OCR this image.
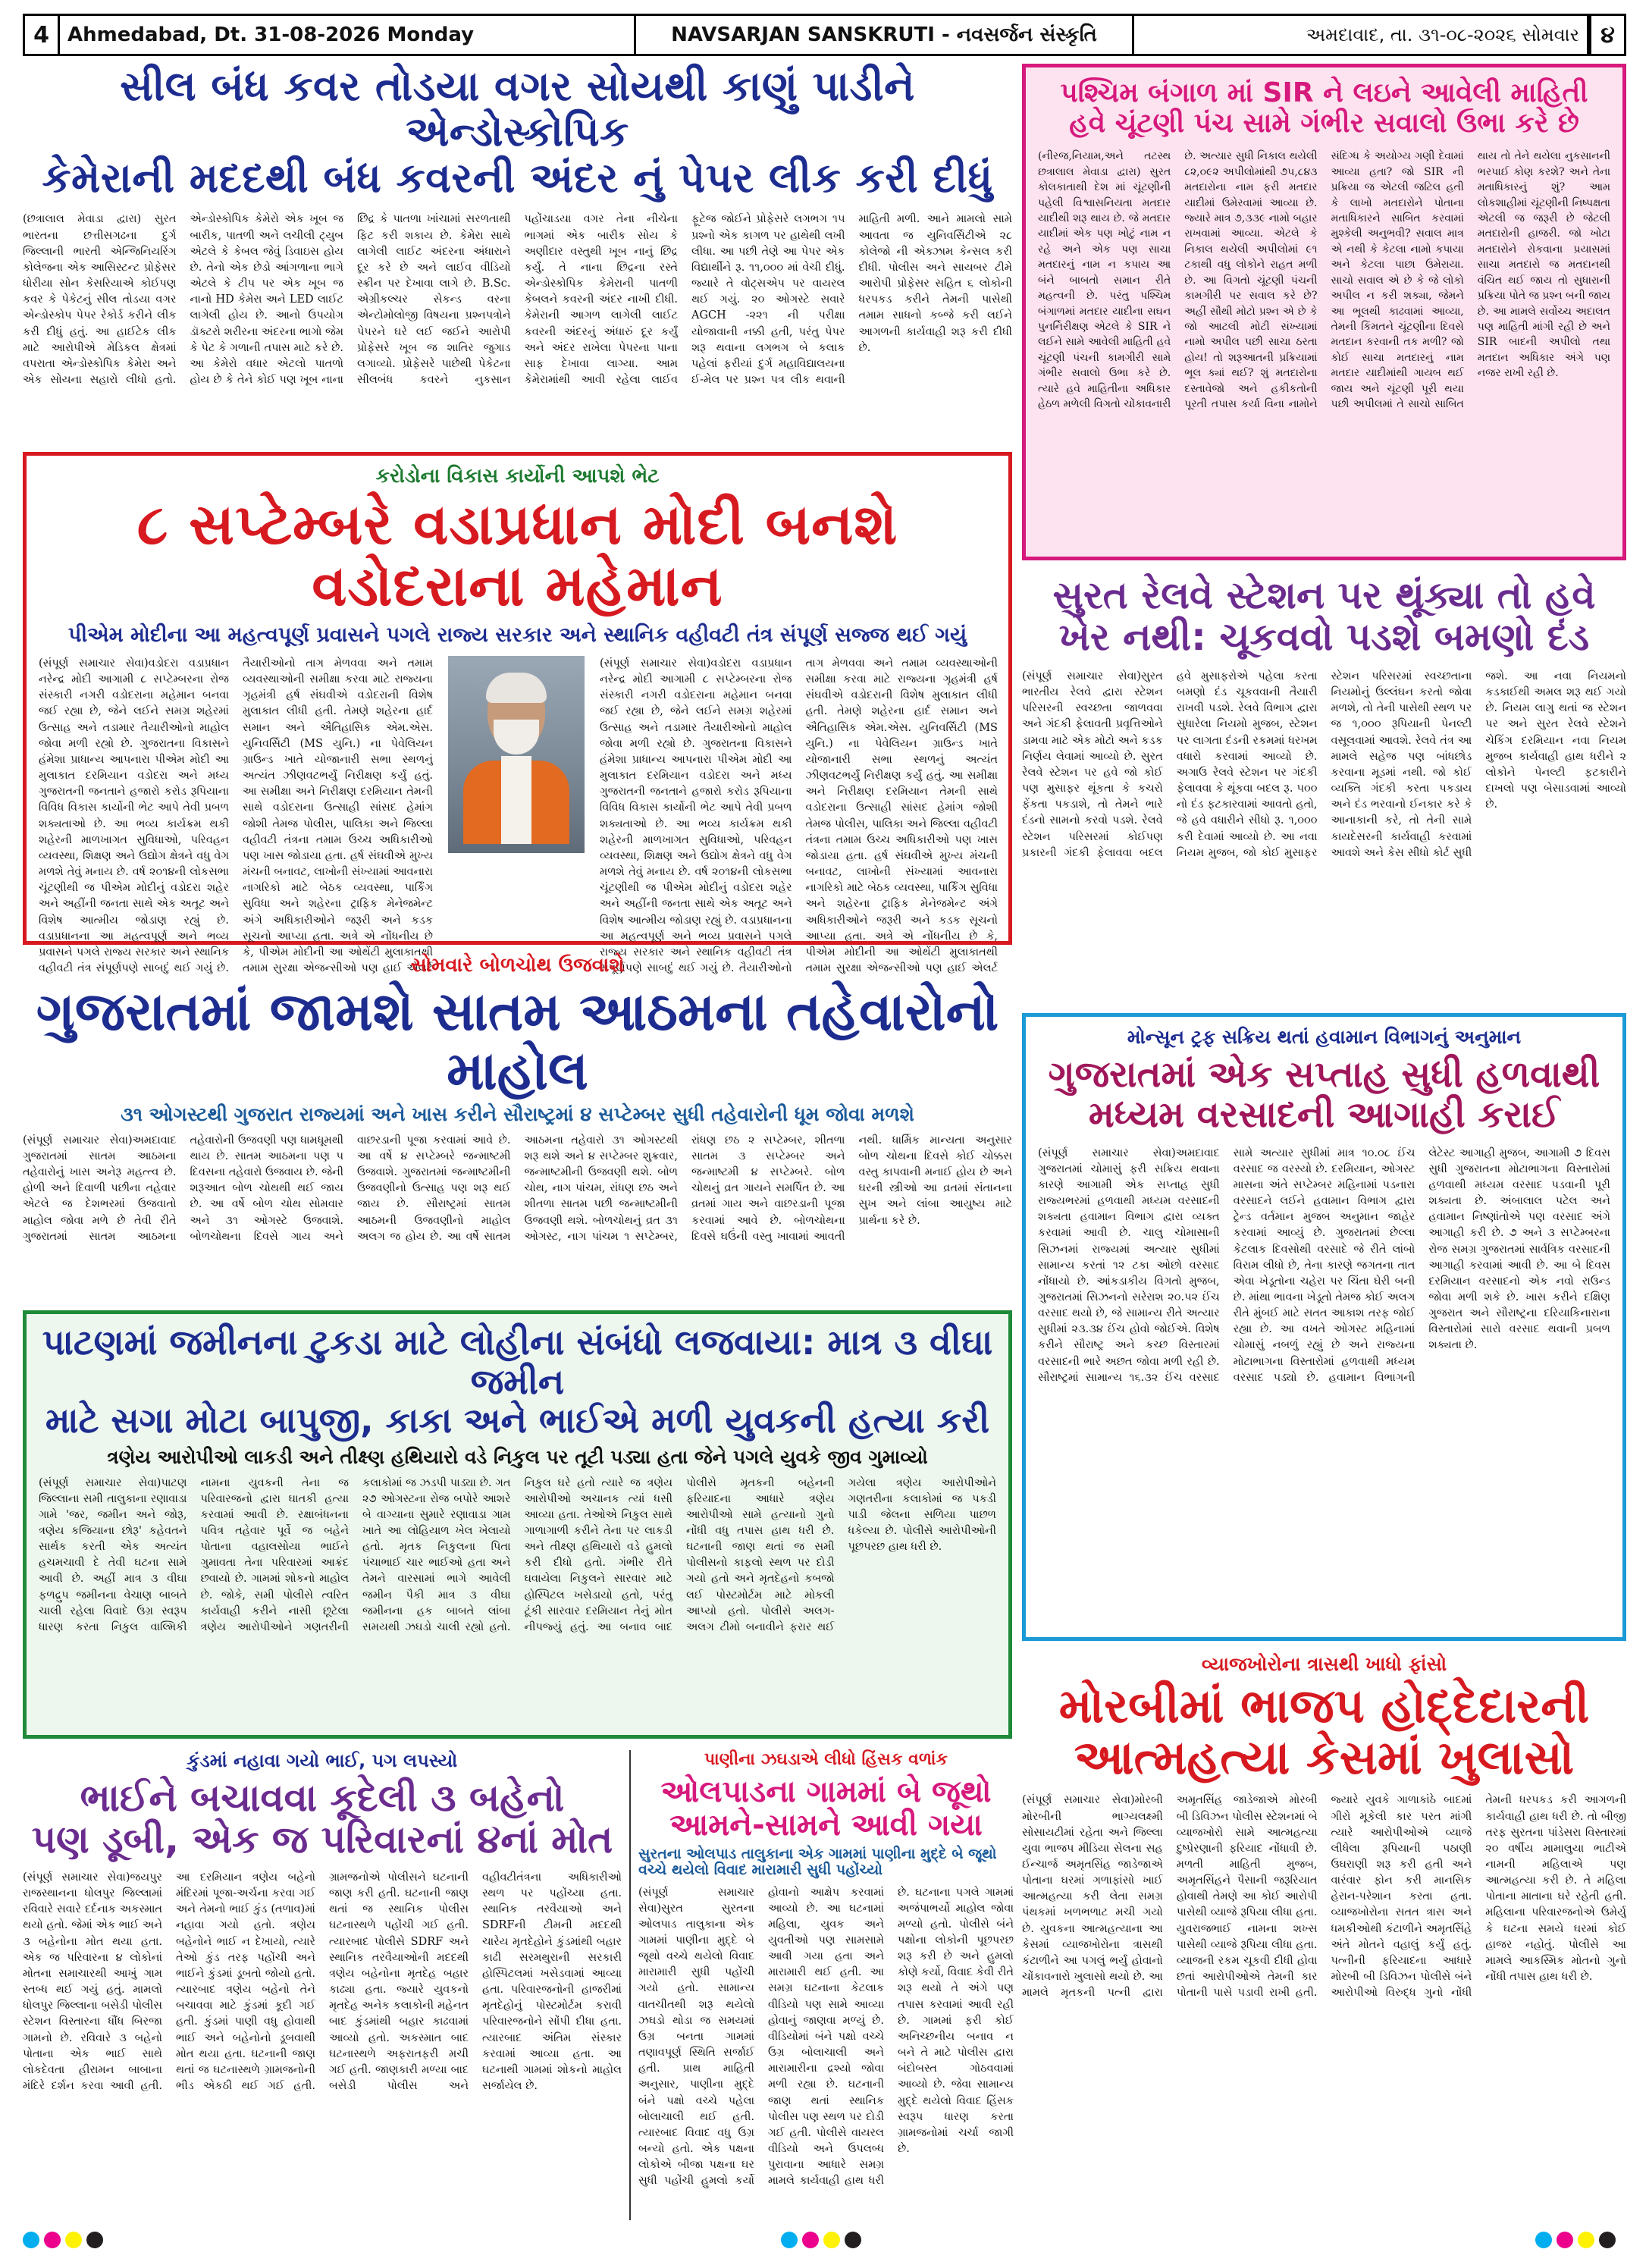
4 Ahmedabad, Dt. 31-08-2026 Monday	NAVSARJAN SANSKRUTI - નવસર્જન સંસ્કૃતિ	અમદાવાદ, તા. ૩૧-૦૮-૨૦૨૬ સોમવાર ૪
સીલ બંધ કવર તોડયા વગર સોયથી કાણું પાડીને એન્ડોસ્કોપિક
કેમેરાની મદદથી બંધ કવરની અંદર નું પેપર લીક કરી દીધું
(છત્રાલાલ મેવાડા દ્વારા) સુરત ભારતના છત્તીસગઢના દુર્ગ જિલ્લાની ભારતી એન્જિનિયરિંગ કોલેજના એક આસિસ્ટન્ટ પ્રોફેસર ધોરીયા સોન કેસરિયાએ કોઈપણ કવર કે પેકેટનું સીલ તોડયા વગર એન્ડોસ્કોપ પેપર રેકોર્ડ કરીને લીક કરી દીધું હતું. આ હાઈટેક લીક માટે આરોપીએ મેડિકલ ક્ષેત્રમાં વપરાતા એન્ડોસ્કોપિક કેમેરા અને એક સોયના સહારો લીધો હતો. એન્ડોસ્કોપિક કેમેરો એક ખૂબ જ બારીક, પાતળી અને લચીલી ટ્યુબ એટલે કે કેબલ જેવું ડિવાઇસ હોય છે. તેનો એક છેડો આંગળાના ભાગે એટલે કે ટીપ પર એક ખૂબ જ નાનો HD કેમેરા અને LED લાઈટ લાગેલી હોય છે. આનો ઉપયોગ ડૉક્ટરો શરીરના અંદરના ભાગો જેમ કે પેટ કે ગળાની તપાસ માટે કરે છે. આ કેમેરો વધાર એટલો પાતળો હોય છે કે તેને કોઈ પણ ખૂબ નાના છિદ્ર કે પાતળા ખાંચામાં સરળતાથી ફિટ કરી શકાય છે. કેમેરા સાથે લાગેલી લાઈટ અંદરના અંધારાને દૂર કરે છે અને લાઈવ વીડિયો સ્ક્રીન પર દેખાવા લાગે છે. B.Sc. એગ્રીકલ્ચર સેકન્ડ વરના એન્ટોમોલોજી વિષયના પ્રશ્નપત્રોને પેપરને ઘરે લઈ જઈને આરોપી પ્રોફેસરે ખૂબ જ શાતિર જુગાડ લગાવ્યો. પ્રોફેસરે પાછેથી પેકેટના સીલબંધ કવરને નુકસાન પહોંચાડયા વગર તેના નીચેના ભાગમાં એક બારીક સોય કે અણીદાર વસ્તુથી ખૂબ નાનું છિદ્ર કર્યું. તે નાના છિદ્રના રસ્તે એન્ડોસ્કોપિક કેમેરાની પાતળી કેબલને કવરની અંદર નાખી દીધી. કેમેરાની આગળ લાગેલી લાઈટ કવરની અંદરનું અંધારું દૂર કર્યું અને અંદર રાખેલા પેપરના પાના સાફ દેખાવા લાગ્યા. આમ કેમેરામાંથી આવી રહેલા લાઈવ ફૂટેજ જોઈને પ્રોફેસરે લગભગ ૧૫ પ્રશ્નો એક કાગળ પર હાથેથી લખી લીધા. આ પછી તેણે આ પેપર એક વિદ્યાર્થીને રૂ. ૧૧,૦૦૦ માં વેચી દીધું. જ્યારે તે વોટ્સએપ પર વાયરલ થઈ ગયું. ૨૦ ઓગસ્ટે સવારે AGCH -૨૨૧ ની પરીક્ષા યોજાવાની નક્કી હતી, પરંતુ પેપર શરૂ થવાના લગભગ બે કલાક પહેલાં ફરીયાં દુર્ગ મહાવિદ્યાલયના ઈ-મેલ પર પ્રશ્ન પત્ર લીક થવાની માહિતી મળી. આને મામલો સામે આવતા જ યુનિવર્સિટીએ ૨૮ કોલેજો ની એક્ઝામ કેન્સલ કરી દીધી. પોલીસ અને સાયબર ટીમે આરોપી પ્રોફેસર સહિત ૬ લોકોની ધરપકડ કરીને તેમની પાસેથી તમામ સાધનો કબ્જે કરી લઈને આગળની કાર્યવાહી શરૂ કરી દીધી છે.
પશ્ચિમ બંગાળ માં SIR ને લઇને આવેલી માહિતી
હવે ચૂંટણી પંચ સામે ગંભીર સવાલો ઉભા કરે છે
(નીરજ,નિયામ,અને તટસ્થ છત્રાલાલ મેવાડા દ્વારા) સુરત કોલકાતાથી દેશ માં ચૂંટણીની પહેલી વિશ્વાસનિયતા મતદાર યાદીથી શરૂ થાય છે. જે મતદાર યાદીમાં એક પણ ખોટું નામ ન રહે અને એક પણ સાચા મતદારનું નામ ન કપાય આ બંને બાબતો સમાન રીતે મહત્વની છે. પરંતુ પશ્ચિમ બંગાળમાં મતદાર યાદીના સઘન પુનર્નિરીક્ષણ એટલે કે SIR ને લઈને સામે આવેલી માહિતી હવે ચૂંટણી પંચની કામગીરી સામે ગંભીર સવાલો ઉભા કરે છે. ત્યારે હવે માહિતીના અધિકાર હેઠળ મળેલી વિગતો ચોંકાવનારી છે. અત્યાર સુધી નિકાલ થયેલી ૮૨,૦૯૨ અપીલોમાંથી ૭૫,૮૪૩ મતદારોના નામ ફરી મતદાર યાદીમાં ઉમેરવામાં આવ્યા છે. જ્યારે માત્ર ૭,૩૩૯ નામો બહાર રાખવામાં આવ્યા. એટલે કે નિકાલ થયેલી અપીલોમાં ૯૧ ટકાથી વધુ લોકોને રાહત મળી છે. આ વિગતો ચૂંટણી પંચની કામગીરી પર સવાલ કરે છે? અહીં સૌથી મોટો પ્રશ્ન એ છે કે જો આટલી મોટી સંખ્યામાં નામો અપીલ પછી સાચા ઠરતા હોય! તો શરૂઆતની પ્રક્રિયામાં ભૂલ ક્યાં થઈ? શું મતદારોના દસ્તાવેજો અને હકીકતોની પૂરતી તપાસ કર્યા વિના નામોને સંદિગ્ધ કે અયોગ્ય ગણી દેવામાં આવ્યા હતા? જો SIR ની પ્રક્રિયા જ એટલી જટિલ હતી કે લાખો મતદારોને પોતાના મતાધિકારને સાબિત કરવામાં મુશ્કેલી અનુભવી? સવાલ માત્ર એ નથી કે કેટલા નામો કપાયા અને કેટલા પાછા ઉમેરાયા. સાચો સવાલ એ છે કે જે લોકો અપીલ ન કરી શક્યા, જેમને આ ભૂલથી કાઢવામાં આવ્યા, તેમની કિંમતને ચૂંટણીના દિવસે મતદાન કરવાની તક મળી? જો કોઈ સાચા મતદારનું નામ મતદાર યાદીમાંથી ગાયબ થઈ જાય અને ચૂંટણી પૂરી થયા પછી અપીલમાં તે સાચો સાબિત થાય તો તેને થયેલા નુકસાનની ભરપાઈ કોણ કરશે? અને તેના મતાધિકારનું શું? આમ લોકશાહીમાં ચૂંટણીની નિષ્પક્ષતા એટલી જ જરૂરી છે જેટલી મતદારોની હાજરી. જો ખોટા મતદારોને રોકવાના પ્રયાસમાં સાચા મતદારો જ મતદાનથી વંચિત થઈ જાય તો સુધારાની પ્રક્રિયા પોતે જ પ્રશ્ન બની જાય છે. આ મામલે સર્વોચ્ચ અદાલત પણ માહિતી માંગી રહી છે અને SIR બાદની અપીલો તથા મતદાન અધિકાર અંગે પણ નજર રાખી રહી છે.
કરોડોના વિકાસ કાર્યોની આપશે ભેટ
૮ સપ્ટેમ્બરે વડાપ્રધાન મોદી બનશે વડોદરાના મહેમાન
પીએમ મોદીના આ મહત્વપૂર્ણ પ્રવાસને પગલે રાજ્ય સરકાર અને સ્થાનિક વહીવટી તંત્ર સંપૂર્ણ સજ્જ થઈ ગયું
(સંપૂર્ણ સમાચાર સેવા)વડોદરા વડાપ્રધાન નરેન્દ્ર મોદી આગામી ૮ સપ્ટેમ્બરના રોજ સંસ્કારી નગરી વડોદરાના મહેમાન બનવા જઈ રહ્યા છે, જેને લઈને સમગ્ર શહેરમાં ઉત્સાહ અને તડામાર તૈયારીઓનો માહોલ જોવા મળી રહ્યો છે. ગુજરાતના વિકાસને હંમેશા પ્રાધાન્ય આપનારા પીએમ મોદી આ મુલાકાત દરમિયાન વડોદરા અને મધ્ય ગુજરાતની જનતાને હજારો કરોડ રૂપિયાના વિવિધ વિકાસ કાર્યોની ભેટ આપે તેવી પ્રબળ શક્યતાઓ છે. આ ભવ્ય કાર્યક્રમ થકી શહેરની માળખાગત સુવિધાઓ, પરિવહન વ્યવસ્થા, શિક્ષણ અને ઉદ્યોગ ક્ષેત્રને વધુ વેગ મળશે તેવું મનાય છે. વર્ષ ૨૦૧૪ની લોકસભા ચૂંટણીથી જ પીએમ મોદીનું વડોદરા શહેર અને અહીંની જનતા સાથે એક અતૂટ અને વિશેષ આત્મીય જોડાણ રહ્યું છે. વડાપ્રધાનના આ મહત્વપૂર્ણ અને ભવ્ય પ્રવાસને પગલે રાજ્ય સરકાર અને સ્થાનિક વહીવટી તંત્ર સંપૂર્ણપણે સાબદું થઈ ગયું છે. તૈયારીઓનો તાગ મેળવવા અને તમામ વ્યવસ્થાઓની સમીક્ષા કરવા માટે રાજ્યના ગૃહમંત્રી હર્ષ સંઘવીએ વડોદરાની વિશેષ મુલાકાત લીધી હતી. તેમણે શહેરના હાર્દ સમાન અને ઐતિહાસિક એમ.એસ. યુનિવર્સિટી (MS યુનિ.) ના પેવેલિયન ગ્રાઉન્ડ ખાતે યોજાનારી સભા સ્થળનું અત્યંત ઝીણવટભર્યું નિરીક્ષણ કર્યું હતું. આ સમીક્ષા અને નિરીક્ષણ દરમિયાન તેમની સાથે વડોદરાના ઉત્સાહી સાંસદ હેમાંગ જોશી તેમજ પોલીસ, પાલિકા અને જિલ્લા વહીવટી તંત્રના તમામ ઉચ્ચ અધિકારીઓ પણ ખાસ જોડાયા હતા. હર્ષ સંઘવીએ મુખ્ય મંચની બનાવટ, લાખોની સંખ્યામાં આવનારા નાગરિકો માટે બેઠક વ્યવસ્થા, પાર્કિંગ સુવિધા અને શહેરના ટ્રાફિક મેનેજમેન્ટ અંગે અધિકારીઓને જરૂરી અને કડક સૂચનો આપ્યા હતા. અત્રે એ નોંધનીય છે કે, પીએમ મોદીની આ ઓથેંટી મુલાકાતથી તમામ સુરક્ષા એજન્સીઓ પણ હાઈ એલર્ટ
(સંપૂર્ણ સમાચાર સેવા)વડોદરા વડાપ્રધાન નરેન્દ્ર મોદી આગામી ૮ સપ્ટેમ્બરના રોજ સંસ્કારી નગરી વડોદરાના મહેમાન બનવા જઈ રહ્યા છે, જેને લઈને સમગ્ર શહેરમાં ઉત્સાહ અને તડામાર તૈયારીઓનો માહોલ જોવા મળી રહ્યો છે. ગુજરાતના વિકાસને હંમેશા પ્રાધાન્ય આપનારા પીએમ મોદી આ મુલાકાત દરમિયાન વડોદરા અને મધ્ય ગુજરાતની જનતાને હજારો કરોડ રૂપિયાના વિવિધ વિકાસ કાર્યોની ભેટ આપે તેવી પ્રબળ શક્યતાઓ છે. આ ભવ્ય કાર્યક્રમ થકી શહેરની માળખાગત સુવિધાઓ, પરિવહન વ્યવસ્થા, શિક્ષણ અને ઉદ્યોગ ક્ષેત્રને વધુ વેગ મળશે તેવું મનાય છે. વર્ષ ૨૦૧૪ની લોકસભા ચૂંટણીથી જ પીએમ મોદીનું વડોદરા શહેર અને અહીંની જનતા સાથે એક અતૂટ અને વિશેષ આત્મીય જોડાણ રહ્યું છે. વડાપ્રધાનના આ મહત્વપૂર્ણ અને ભવ્ય પ્રવાસને પગલે રાજ્ય સરકાર અને સ્થાનિક વહીવટી તંત્ર સંપૂર્ણપણે સાબદું થઈ ગયું છે. તૈયારીઓનો તાગ મેળવવા અને તમામ વ્યવસ્થાઓની સમીક્ષા કરવા માટે રાજ્યના ગૃહમંત્રી હર્ષ સંઘવીએ વડોદરાની વિશેષ મુલાકાત લીધી હતી. તેમણે શહેરના હાર્દ સમાન અને ઐતિહાસિક એમ.એસ. યુનિવર્સિટી (MS યુનિ.) ના પેવેલિયન ગ્રાઉન્ડ ખાતે યોજાનારી સભા સ્થળનું અત્યંત ઝીણવટભર્યું નિરીક્ષણ કર્યું હતું. આ સમીક્ષા અને નિરીક્ષણ દરમિયાન તેમની સાથે વડોદરાના ઉત્સાહી સાંસદ હેમાંગ જોશી તેમજ પોલીસ, પાલિકા અને જિલ્લા વહીવટી તંત્રના તમામ ઉચ્ચ અધિકારીઓ પણ ખાસ જોડાયા હતા. હર્ષ સંઘવીએ મુખ્ય મંચની બનાવટ, લાખોની સંખ્યામાં આવનારા નાગરિકો માટે બેઠક વ્યવસ્થા, પાર્કિંગ સુવિધા અને શહેરના ટ્રાફિક મેનેજમેન્ટ અંગે અધિકારીઓને જરૂરી અને કડક સૂચનો આપ્યા હતા. અત્રે એ નોંધનીય છે કે, પીએમ મોદીની આ ઓથેંટી મુલાકાતથી તમામ સુરક્ષા એજન્સીઓ પણ હાઈ એલર્ટ
સુરત રેલવે સ્ટેશન પર થૂંક્યા તો હવે
ખેર નથી: ચૂકવવો પડશે બમણો દંડ
(સંપૂર્ણ સમાચાર સેવા)સુરત ભારતીય રેલવે દ્વારા સ્ટેશન પરિસરની સ્વચ્છતા જાળવવા અને ગંદકી ફેલાવતી પ્રવૃત્તિઓને ડામવા માટે એક મોટો અને કડક નિર્ણય લેવામાં આવ્યો છે. સુરત રેલવે સ્ટેશન પર હવે જો કોઈ પણ મુસાફર થૂંકતા કે કચરો ફેંકતા પકડાશે, તો તેમને ભારે દંડનો સામનો કરવો પડશે. રેલવે સ્ટેશન પરિસરમાં કોઈપણ પ્રકારની ગંદકી ફેલાવવા બદલ હવે મુસાફરોએ પહેલા કરતા બમણો દંડ ચૂકવવાની તૈયારી રાખવી પડશે. રેલવે વિભાગ દ્વારા સુધારેલા નિયમો મુજબ, સ્ટેશન પર લાગતા દંડની રકમમાં ધરખમ વધારો કરવામાં આવ્યો છે. અગાઉ રેલવે સ્ટેશન પર ગંદકી ફેલાવવા કે થૂંકવા બદલ રૂ. ૫૦૦ નો દંડ ફટકારવામાં આવતો હતો, જે હવે વધારીને સીધો રૂ. ૧,૦૦૦ કરી દેવામાં આવ્યો છે. આ નવા નિયમ મુજબ, જો કોઈ મુસાફર સ્ટેશન પરિસરમાં સ્વચ્છતાના નિયમોનું ઉલ્લંઘન કરતો જોવા મળશે, તો તેની પાસેથી સ્થળ પર જ ૧,૦૦૦ રૂપિયાની પેનલ્ટી વસૂલવામાં આવશે. રેલવે તંત્ર આ મામલે સહેજ પણ બાંધછોડ કરવાના મૂડમાં નથી. જો કોઈ વ્યક્તિ ગંદકી કરતા પકડાય અને દંડ ભરવાનો ઈનકાર કરે કે આનાકાની કરે, તો તેની સામે કાયદેસરની કાર્યવાહી કરવામાં આવશે અને કેસ સીધો કોર્ટ સુધી જશે. આ નવા નિયમનો કડકાઈથી અમલ શરૂ થઈ ગયો છે. નિયમ લાગુ થતાં જ સ્ટેશન પર અને સુરત રેલવે સ્ટેશને ચેકિંગ દરમિયાન નવા નિયમ મુજબ કાર્યવાહી હાથ ધરીને ૨ લોકોને પેનલ્ટી ફટકારીને દાખલો પણ બેસાડવામાં આવ્યો છે.
સોમવારે બોળચોથ ઉજવાશે
ગુજરાતમાં જામશે સાતમ આઠમના તહેવારોનો માહોલ
૩૧ ઓગસ્ટથી ગુજરાત રાજ્યમાં અને ખાસ કરીને સૌરાષ્ટ્રમાં ૪ સપ્ટેમ્બર સુધી તહેવારોની ધૂમ જોવા મળશે
(સંપૂર્ણ સમાચાર સેવા)અમદાવાદ ગુજરાતમાં સાતમ આઠમના તહેવારોનું ખાસ અનેરૂ મહત્ત્વ છે. હોળી અને દિવાળી પછીના તહેવાર એટલે જ દેશભરમાં ઉજવાતો માહોલ જોવા મળે છે તેવી રીતે ગુજરાતમાં સાતમ આઠમના તહેવારોની ઉજવણી પણ ધામધૂમથી થાય છે. સાતમ આઠમના પણ ૫ દિવસના તહેવારો ઉજવાય છે. જેની શરૂઆત બોળ ચોથથી થઈ જાય છે. આ વર્ષે બોળ ચોથ સોમવાર અને ૩૧ ઓગસ્ટે ઉજવાશે. બોળચોથના દિવસે ગાય અને વાછરડાની પૂજા કરવામાં આવે છે. આ વર્ષે ૪ સપ્ટેમ્બરે જન્માષ્ટમી ઉજવાશે. ગુજરાતમાં જન્માષ્ટમીની ઉજવણીનો ઉત્સાહ પણ શરૂ થઈ જાય છે. સૌરાષ્ટ્રમાં સાતમ આઠમની ઉજવણીનો માહોલ અલગ જ હોય છે. આ વર્ષે સાતમ આઠમના તહેવારો ૩૧ ઓગસ્ટથી શરૂ થશે અને ૪ સપ્ટેમ્બર શુક્રવાર, જન્માષ્ટમીની ઉજવણી થશે. બોળ ચોથ, નાગ પાંચમ, રાંધણ છઠ અને શીતળા સાતમ પછી જન્માષ્ટમીની ઉજવણી થશે. બોળચોથનું વ્રત ૩૧ ઓગસ્ટ, નાગ પાંચમ ૧ સપ્ટેમ્બર, રાંધણ છઠ ૨ સપ્ટેમ્બર, શીતળા સાતમ ૩ સપ્ટેમ્બર અને જન્માષ્ટમી ૪ સપ્ટેમ્બરે. બોળ ચોથનું વ્રત ગાયને સમર્પિત છે. આ વ્રતમાં ગાય અને વાછરડાની પૂજા કરવામાં આવે છે. બોળચોથના દિવસે ઘઉંની વસ્તુ ખાવામાં આવતી નથી. ધાર્મિક માન્યતા અનુસાર બોળ ચોથના દિવસે કોઈ ચોક્કસ વસ્તુ કાપવાની મનાઈ હોય છે અને ઘરની સ્ત્રીઓ આ વ્રતમાં સંતાનના સુખ અને લાંબા આયુષ્ય માટે પ્રાર્થના કરે છે.
મોન્સૂન ટ્રફ સક્રિય થતાં હવામાન વિભાગનું અનુમાન
ગુજરાતમાં એક સપ્તાહ સુધી હળવાથી
મધ્યમ વરસાદની આગાહી કરાઈ
(સંપૂર્ણ સમાચાર સેવા)અમદાવાદ ગુજરાતમાં ચોમાસું ફરી સક્રિય થવાના કારણે આગામી એક સપ્તાહ સુધી રાજ્યભરમાં હળવાથી મધ્યમ વરસાદની શક્યતા હવામાન વિભાગ દ્વારા વ્યક્ત કરવામાં આવી છે. ચાલુ ચોમાસાની સિઝનમાં રાજ્યમાં અત્યાર સુધીમાં સામાન્ય કરતાં ૧૨ ટકા ઓછો વરસાદ નોંધાયો છે. આંકડાકીય વિગતો મુજબ, ગુજરાતમાં સિઝનનો સરેરાશ ૨૦.૫૨ ઈંચ વરસાદ થયો છે, જે સામાન્ય રીતે અત્યાર સુધીમાં ૨૩.૩૪ ઈંચ હોવો જોઈએ. વિશેષ કરીને સૌરાષ્ટ્ર અને કચ્છ વિસ્તારમાં વરસાદની ભારે અછત જોવા મળી રહી છે. સૌરાષ્ટ્રમાં સામાન્ય ૧૬.૩૨ ઈંચ વરસાદ સામે અત્યાર સુધીમાં માત્ર ૧૦.૦૮ ઈંચ વરસાદ જ વરસ્યો છે. દરમિયાન, ઓગસ્ટ માસના અંતે સપ્ટેમ્બર મહિનામાં પડનારા વરસાદને લઈને હવામાન વિભાગ દ્વારા ટ્રેન્ડ વર્તમાન મુજબ અનુમાન જાહેર કરવામાં આવ્યું છે. ગુજરાતમાં છેલ્લા કેટલાક દિવસોથી વરસાદે જે રીતે લાંબો વિરામ લીધો છે, તેના કારણે જગતના તાત એવા ખેડૂતોના ચહેરા પર ચિંતા ઘેરી બની છે. માંથા ભાવના ખેડૂતો તેમજ કોઈ અલગ રીતે મુંબઈ માટે સતત આકાશ તરફ જોઈ રહ્યા છે. આ વખતે ઓગસ્ટ મહિનામાં ચોમાસું નબળું રહ્યું છે અને રાજ્યના મોટાભાગના વિસ્તારોમાં હળવાથી મધ્યમ વરસાદ પડ્યો છે. હવામાન વિભાગની લેટેસ્ટ આગાહી મુજબ, આગામી ૭ દિવસ સુધી ગુજરાતના મોટાભાગના વિસ્તારોમાં હળવાથી મધ્યમ વરસાદ પડવાની પૂરી શક્યતા છે. અંબાલાલ પટેલ અને હવામાન નિષ્ણાંતોએ પણ વરસાદ અંગે આગાહી કરી છે. ૭ અને ૩ સપ્ટેમ્બરના રોજ સમગ્ર ગુજરાતમાં સાર્વત્રિક વરસાદની આગાહી કરવામાં આવી છે. આ બે દિવસ દરમિયાન વરસાદનો એક નવો રાઉન્ડ જોવા મળી શકે છે. ખાસ કરીને દક્ષિણ ગુજરાત અને સૌરાષ્ટ્રના દરિયાકિનારાના વિસ્તારોમાં સારો વરસાદ થવાની પ્રબળ શક્યતા છે.
પાટણમાં જમીનના ટુકડા માટે લોહીના સંબંધો લજવાયા: માત્ર ૩ વીઘા જમીન
માટે સગા મોટા બાપુજી, કાકા અને ભાઈએ મળી યુવકની હત્યા કરી
ત્રણેય આરોપીઓ લાકડી અને તીક્ષ્ણ હથિયારો વડે નિકુલ પર તૂટી પડ્યા હતા જેને પગલે યુવકે જીવ ગુમાવ્યો
(સંપૂર્ણ સમાચાર સેવા)પાટણ જિલ્લાના સમી તાલુકાના રણાવાડા ગામે 'જર, જમીન અને જોરૂ, ત્રણેય કજિયાના છોરૂ' કહેવતને સાર્થક કરતી એક અત્યંત હચમચાવી દે તેવી ઘટના સામે આવી છે. અહીં માત્ર ૩ વીઘા ફળદ્રુપ જમીનના વેચાણ બાબતે ચાલી રહેલા વિવાદે ઉગ્ર સ્વરૂપ ધારણ કરતા નિકુલ વાલ્મિકી નામના યુવકની તેના જ પરિવારજનો દ્વારા ઘાતકી હત્યા કરવામાં આવી છે. રક્ષાબંધનના પવિત્ર તહેવાર પૂર્વે જ બહેને પોતાના વહાલસોયા ભાઈને ગુમાવતા તેના પરિવારમાં આક્રંદ છવાયો છે. ગામમાં શોકનો માહોલ છે. જોકે, સમી પોલીસે ત્વરિત કાર્યવાહી કરીને નાસી છૂટેલા ત્રણેય આરોપીઓને ગણતરીની કલાકોમાં જ ઝડપી પાડ્યા છે. ગત ૨૭ ઓગસ્ટના રોજ બપોરે આશરે બે વાગ્યાના સુમારે રણાવાડા ગામ ખાતે આ લોહિયાળ ખેલ ખેલાયો હતો. મૃતક નિકુલના પિતા પંચાભાઈ ચાર ભાઈઓ હતા અને તેમને વારસામાં ભાગે આવેલી જમીન પૈકી માત્ર ૩ વીઘા જમીનના હક બાબતે લાંબા સમયથી ઝઘડો ચાલી રહ્યો હતો. નિકુલ ઘરે હતો ત્યારે જ ત્રણેય આરોપીઓ અચાનક ત્યાં ધસી આવ્યા હતા. તેઓએ નિકુલ સાથે ગાળાગાળી કરીને તેના પર લાકડી અને તીક્ષ્ણ હથિયારો વડે હુમલો કરી દીધો હતો. ગંભીર રીતે ઘવાયેલા નિકુલને સારવાર માટે હોસ્પિટલ ખસેડાયો હતો, પરંતુ ટૂંકી સારવાર દરમિયાન તેનું મોત નીપજ્યું હતું. આ બનાવ બાદ પોલીસે મૃતકની બહેનની ફરિયાદના આધારે ત્રણેય આરોપીઓ સામે હત્યાનો ગુનો નોંધી વધુ તપાસ હાથ ધરી છે. ઘટનાની જાણ થતાં જ સમી પોલીસનો કાફલો સ્થળ પર દોડી ગયો હતો અને મૃતદેહનો કબજો લઈ પોસ્ટમોર્ટમ માટે મોકલી આપ્યો હતો. પોલીસે અલગ-અલગ ટીમો બનાવીને ફરાર થઈ ગયેલા ત્રણેય આરોપીઓને ગણતરીના કલાકોમાં જ પકડી પાડી જેલના સળિયા પાછળ ધકેલ્યા છે. પોલીસે આરોપીઓની પૂછપરછ હાથ ધરી છે.
કુંડમાં નહાવા ગયો ભાઈ, પગ લપસ્યો
ભાઈને બચાવવા કૂદેલી ૩ બહેનો
પણ ડૂબી, એક જ પરિવારનાં ૪નાં મોત
(સંપૂર્ણ સમાચાર સેવા)જયપુર રાજસ્થાનના ધોલપુર જિલ્લામાં રવિવારે સવારે દર્દનાક અકસ્માત થયો હતો. જેમાં એક ભાઈ અને ૩ બહેનોના મોત થયા હતા. એક જ પરિવારના ૪ લોકોનાં મોતના સમાચારથી આખું ગામ સ્તબ્ધ થઈ ગયું હતું. મામલો ધોલપુર જિલ્લાના બસેડી પોલીસ સ્ટેશન વિસ્તારના ધૌંધ બિરજા ગામનો છે. રવિવારે ૩ બહેનો પોતાના એક ભાઈ સાથે લોકદેવતા હીરામન બાબાના મંદિરે દર્શન કરવા આવી હતી. આ દરમિયાન ત્રણેય બહેનો મંદિરમાં પૂજા-અર્ચના કરવા ગઈ અને તેમનો ભાઈ કુંડ (તળાવ)માં નહાવા ગયો હતો. ત્રણેય બહેનોને ભાઈ ન દેખાયો, ત્યારે તેઓ કુંડ તરફ પહોંચી અને ભાઈને કુંડમાં ડૂબતો જોયો હતો. ત્યારબાદ ત્રણેય બહેનો તેને બચાવવા માટે કુંડમાં કૂદી ગઈ હતી. કુંડમાં પાણી વધુ હોવાથી ભાઈ અને બહેનોનો ડૂબવાથી મોત થયા હતા. ઘટનાની જાણ થતાં જ ઘટનાસ્થળે ગ્રામજનોની ભીડ એકઠી થઈ ગઈ હતી. ગ્રામજનોએ પોલીસને ઘટનાની જાણ કરી હતી. ઘટનાની જાણ થતાં જ સ્થાનિક પોલીસ ઘટનાસ્થળે પહોંચી ગઈ હતી. ત્યારબાદ પોલીસે SDRF અને સ્થાનિક તરવૈયાઓની મદદથી ત્રણેય બહેનોના મૃતદેહ બહાર કાઢ્યા હતા. જ્યારે યુવકનો મૃતદેહ અનેક કલાકોની મહેનત બાદ કુંડમાંથી બહાર કાઢવામાં આવ્યો હતો. અકસ્માત બાદ ઘટનાસ્થળે અફરાતફરી મચી ગઈ હતી. જાણકારી મળ્યા બાદ બસેડી પોલીસ અને વહીવટીતંત્રના અધિકારીઓ સ્થળ પર પહોંચ્યા હતા. સ્થાનિક તરવૈયાઓ અને SDRFની ટીમની મદદથી ચારેય મૃતદેહોને કુંડમાંથી બહાર કાઢી સરમથુરાની સરકારી હોસ્પિટલમાં ખસેડવામાં આવ્યા હતા. પરિવારજનોની હાજરીમાં મૃતદેહોનું પોસ્ટમોર્ટમ કરાવી પરિવારજનોને સોંપી દીધા હતા. ત્યારબાદ અંતિમ સંસ્કાર કરવામાં આવ્યા હતા. આ ઘટનાથી ગામમાં શોકનો માહોલ સર્જાયેલ છે.
પાણીના ઝઘડાએ લીધો હિંસક વળાંક
ઓલપાડના ગામમાં બે જૂથો
આમને-સામને આવી ગયા
સુરતના ઓલપાડ તાલુકાના એક ગામમાં પાણીના મુદ્દે બે જૂથો વચ્ચે થયેલો વિવાદ મારામારી સુધી પહોંચ્યો
(સંપૂર્ણ સમાચાર સેવા)સુરત સુરતના ઓલપાડ તાલુકાના એક ગામમાં પાણીના મુદ્દે બે જૂથો વચ્ચે થયેલો વિવાદ મારામારી સુધી પહોંચી ગયો હતો. સામાન્ય વાતચીતથી શરૂ થયેલો ઝઘડો થોડા જ સમયમાં ઉગ્ર બનતા ગામમાં તણાવપૂર્ણ સ્થિતિ સર્જાઈ હતી. પ્રાથ માહિતી અનુસાર, પાણીના મુદ્દે બંને પક્ષો વચ્ચે પહેલા બોલાચાલી થઈ હતી. ત્યારબાદ વિવાદ વધુ ઉગ્ર બન્યો હતો. એક પક્ષના લોકોએ બીજા પક્ષના ઘર સુધી પહોંચી હુમલો કર્યો હોવાનો આક્ષેપ કરવામાં આવ્યો છે. આ ઘટનામાં મહિલા, યુવક અને યુવતીઓ પણ સામસામે આવી ગયા હતા અને મારામારી થઈ હતી. આ સમગ્ર ઘટનાના કેટલાક વીડિયો પણ સામે આવ્યા હોવાનું જાણવા મળ્યું છે. વીડિયોમાં બંને પક્ષો વચ્ચે ઉગ્ર બોલાચાલી અને મારામારીના દ્રશ્યો જોવા મળી રહ્યા છે. ઘટનાની જાણ થતાં સ્થાનિક પોલીસ પણ સ્થળ પર દોડી ગઈ હતી. પોલીસે વાયરલ વીડિયો અને ઉપલબ્ધ પુરાવાના આધારે સમગ્ર મામલે કાર્યવાહી હાથ ધરી છે. ઘટનાના પગલે ગામમાં અજંપાભર્યો માહોલ જોવા મળ્યો હતો. પોલીસે બંને પક્ષોના લોકોની પૂછપરછ શરૂ કરી છે અને હુમલો કોણે કર્યો, વિવાદ કેવી રીતે શરૂ થયો તે અંગે પણ તપાસ કરવામાં આવી રહી છે. ગામમાં ફરી કોઈ અનિચ્છનીય બનાવ ન બને તે માટે પોલીસ દ્વારા બંદોબસ્ત ગોઠવવામાં આવ્યો છે. જેવા સામાન્ય મુદ્દે થયેલો વિવાદ હિંસક સ્વરૂપ ધારણ કરતા ગ્રામજનોમાં ચર્ચા જાગી છે.
વ્યાજખોરોના ત્રાસથી ખાધો ફાંસો
મોરબીમાં ભાજપ હોદ્દેદારની
આત્મહત્યા કેસમાં ખુલાસો
(સંપૂર્ણ સમાચાર સેવા)મોરબી મોરબીની ભાગ્યલક્ષ્મી સોસાયટીમાં રહેતા અને જિલ્લા યુવા ભાજપ મીડિયા સેલના સહ ઈન્ચાર્જ અમૃતસિંહ જાડેજાએ પોતાના ઘરમાં ગળાફાંસો ખાઈ આત્મહત્યા કરી લેતા સમગ્ર પંથકમાં ખળભળાટ મચી ગયો છે. યુવકના આત્મહત્યાના આ કેસમાં વ્યાજખોરોના ત્રાસથી કંટાળીને આ પગલું ભર્યું હોવાનો ચોંકાવનારો ખુલાસો થયો છે. આ મામલે મૃતકની પત્ની દ્વારા અમૃતસિંહ જાડેજાએ મોરબી બી ડિવિઝન પોલીસ સ્ટેશનમાં બે વ્યાજખોરો સામે આત્મહત્યા દુષ્પ્રેરણાની ફરિયાદ નોંધાવી છે. મળતી માહિતી મુજબ, અમૃતસિંહને પૈસાની જરૂરિયાત હોવાથી તેમણે આ કોઈ આરોપી પાસેથી વ્યાજે રૂપિયા લીધા હતા. યુવરાજભાઈ નામના શખ્સ પાસેથી વ્યાજે રૂપિયા લીધા હતા. વ્યાજની રકમ ચૂકવી દીધી હોવા છતાં આરોપીઓએ તેમની કાર પોતાની પાસે પડાવી રાખી હતી. જ્યારે યુવકે ગાળાકાંઠે બાદમાં ગીરો મૂકેલી કાર પરત માંગી ત્યારે આરોપીઓએ વ્યાજે લીધેલા રૂપિયાની પઠાણી ઉઘરાણી શરૂ કરી હતી અને વારંવાર ફોન કરી માનસિક હેરાન-પરેશાન કરતા હતા. વ્યાજખોરોના સતત ત્રાસ અને ધમકીઓથી કંટાળીને અમૃતસિંહે અંતે મોતને વહાલું કર્યું હતું. પત્નીની ફરિયાદના આધારે મોરબી બી ડિવિઝન પોલીસે બંને આરોપીઓ વિરુદ્ધ ગુનો નોંધી તેમની ધરપકડ કરી આગળની કાર્યવાહી હાથ ધરી છે. તો બીજી તરફ સુરતના પાંડેસરા વિસ્તારમાં ૨૦ વર્ષીય મામાલુયા ભાટીએ નામની મહિલાએ પણ આત્મહત્યા કરી છે. તે મહિલા પોતાના માતાના ઘરે રહેતી હતી. મહિલાના પરિવારજનોએ ઉમેર્યુ કે ઘટના સમયે ઘરમાં કોઈ હાજર નહોતું. પોલીસે આ મામલે આકસ્મિક મોતનો ગુનો નોંધી તપાસ હાથ ધરી છે.
